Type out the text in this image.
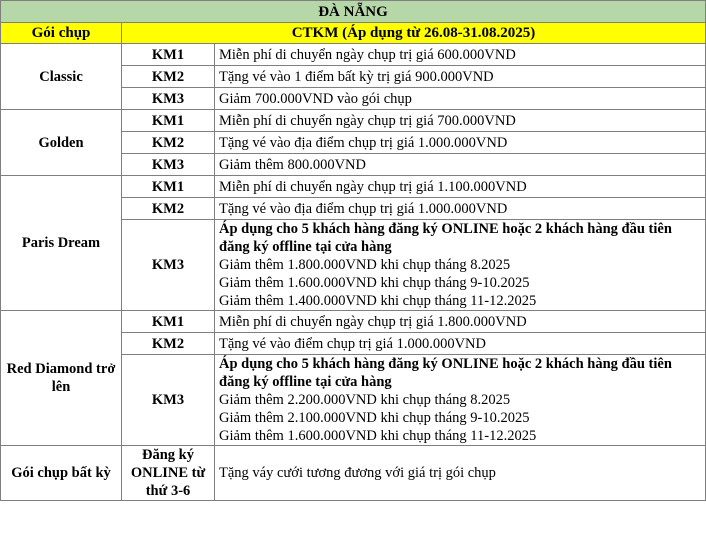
ĐÀ NẴNG		
Gói chụp	CTKM (Áp dụng từ 26.08-31.08.2025)	
Classic	KM1	Miễn phí di chuyển ngày chụp trị giá 600.000VND
	KM2	Tặng vé vào 1 điểm bất kỳ trị giá 900.000VND
	KM3	Giảm 700.000VND vào gói chụp
Golden	KM1	Miễn phí di chuyển ngày chụp trị giá 700.000VND
	KM2	Tặng vé vào địa điểm chụp trị giá 1.000.000VND
	KM3	Giảm thêm 800.000VND
Paris Dream	KM1	Miễn phí di chuyển ngày chụp trị giá 1.100.000VND
	KM2	Tặng vé vào địa điểm chụp trị giá 1.000.000VND
	KM3	Áp dụng cho 5 khách hàng đăng ký ONLINE hoặc 2 khách hàng đầu tiên đăng ký offline tại cửa hàng
Giảm thêm 1.800.000VND khi chụp tháng 8.2025
Giảm thêm 1.600.000VND khi chụp tháng 9-10.2025
Giảm thêm 1.400.000VND khi chụp tháng 11-12.2025

Red Diamond trở lên	KM1	Miễn phí di chuyển ngày chụp trị giá 1.800.000VND
	KM2	Tặng vé vào điểm chụp trị giá 1.000.000VND
	KM3	Áp dụng cho 5 khách hàng đăng ký ONLINE hoặc 2 khách hàng đầu tiên đăng ký offline tại cửa hàng
Giảm thêm 2.200.000VND khi chụp tháng 8.2025
Giảm thêm 2.100.000VND khi chụp tháng 9-10.2025
Giảm thêm 1.600.000VND khi chụp tháng 11-12.2025

Gói chụp bất kỳ	Đăng ký ONLINE từ thứ 3-6	Tặng váy cưới tương đương với giá trị gói chụp
